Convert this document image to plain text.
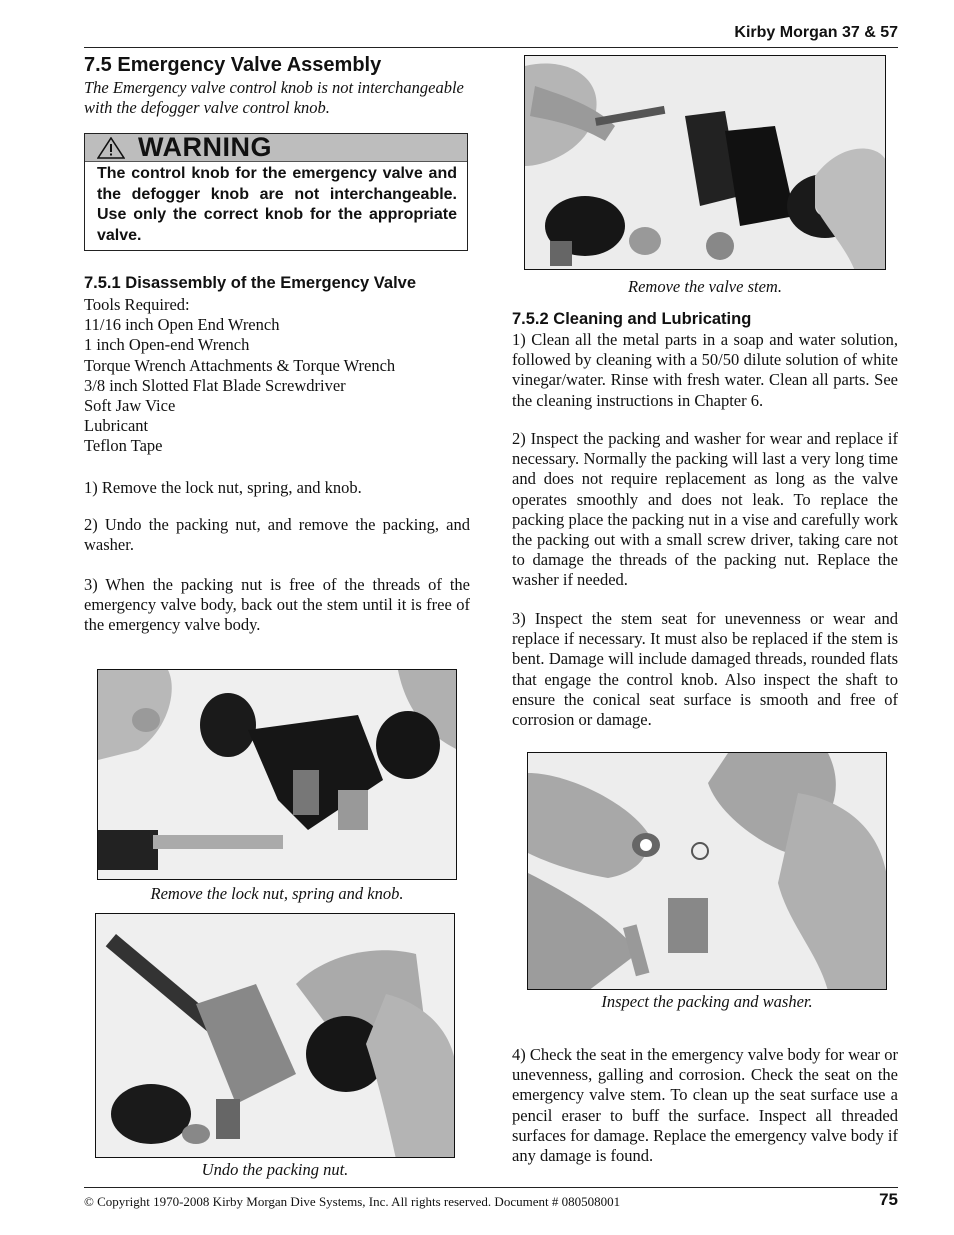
Kirby Morgan 37 & 57
7.5 Emergency Valve Assembly
The Emergency valve control knob is not interchangeable with the defogger valve control knob.
WARNING
The control knob for the emergency valve and the defogger knob are not interchangeable. Use only the correct knob for the appropriate valve.
7.5.1 Disassembly of the Emergency Valve
Tools Required:
11/16 inch Open End Wrench
1 inch Open-end Wrench
Torque Wrench Attachments & Torque Wrench
3/8 inch Slotted Flat Blade Screwdriver
Soft Jaw Vice
Lubricant
Teflon Tape
1) Remove the lock nut, spring, and knob.
2) Undo the packing nut, and remove the packing, and washer.
3) When the packing nut is free of the threads of the emergency valve body, back out the stem until it is free of the emergency valve body.
Remove the valve stem.
7.5.2 Cleaning and Lubricating
1) Clean all the metal parts in a soap and water solution, followed by cleaning with a 50/50 dilute solution of white vinegar/water. Rinse with fresh water. Clean all parts. See the cleaning instructions in Chapter 6.
2) Inspect the packing and washer for wear and replace if necessary. Normally the packing will last a very long time and does not require replacement as long as the valve operates smoothly and does not leak. To replace the packing place the packing nut in a vise and carefully work the packing out with a small screw driver, taking care not to damage the threads of the packing nut. Replace the washer if needed.
3) Inspect the stem seat for unevenness or wear and replace if necessary. It must also be replaced if the stem is bent. Damage will include damaged threads, rounded flats that engage the control knob. Also inspect the shaft to ensure the conical seat surface is smooth and free of corrosion or damage.
Remove the lock nut, spring and knob.
Inspect the packing and washer.
Undo the packing nut.
4) Check the seat in the emergency valve body for wear or unevenness, galling and corrosion. Check the seat on the emergency valve stem. To clean up the seat surface use a pencil eraser to buff the surface. Inspect all threaded surfaces for damage. Replace the emergency valve body if any damage is found.
© Copyright 1970-2008 Kirby Morgan Dive Systems, Inc. All rights reserved. Document # 080508001	75
